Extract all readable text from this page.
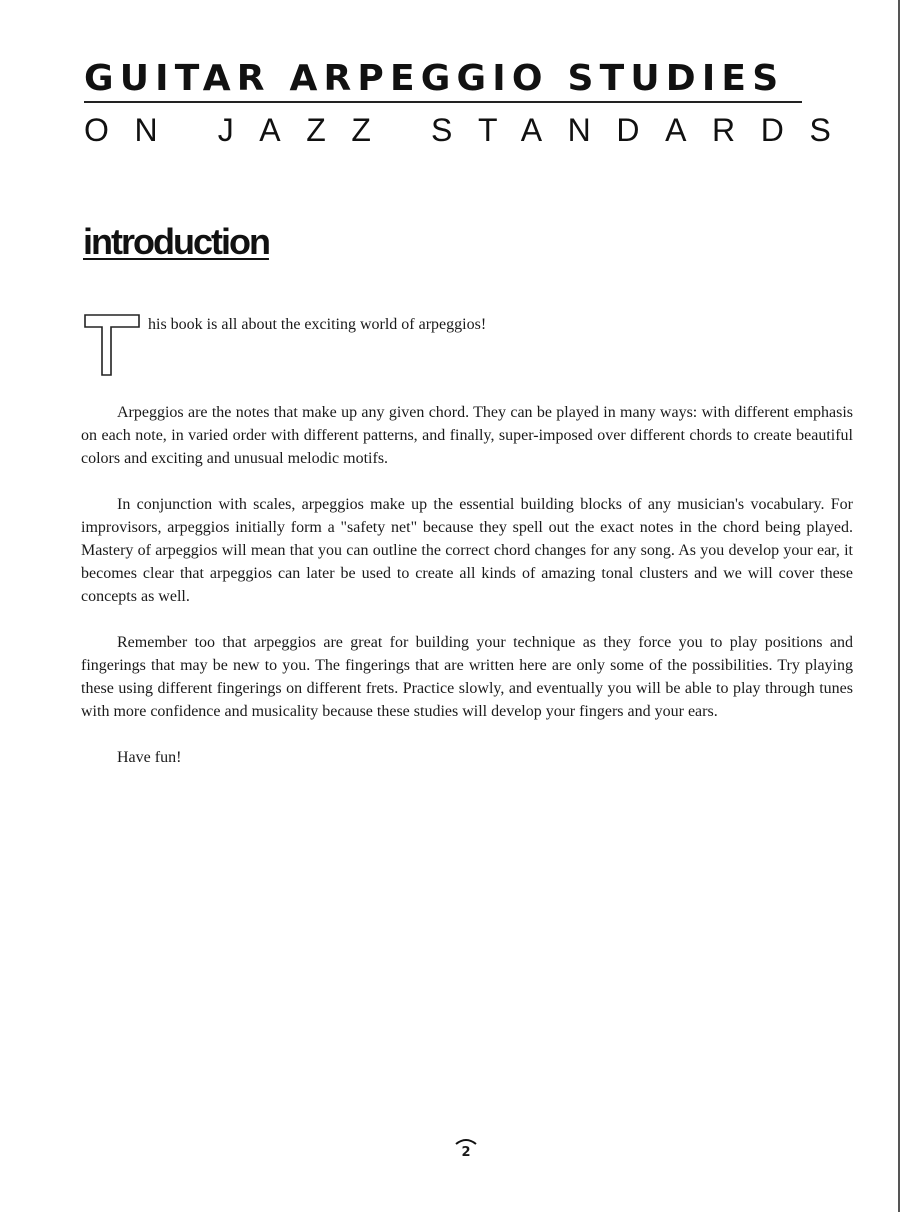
GUITAR ARPEGGIO STUDIES
ON JAZZ STANDARDS
introduction
his book is all about the exciting world of arpeggios!

Arpeggios are the notes that make up any given chord. They can be played in many ways: with different emphasis on each note, in varied order with different patterns, and finally, super-imposed over different chords to create beautiful colors and exciting and unusual melodic motifs.

In conjunction with scales, arpeggios make up the essential building blocks of any musician's vocabulary. For improvisors, arpeggios initially form a "safety net" because they spell out the exact notes in the chord being played. Mastery of arpeggios will mean that you can outline the correct chord changes for any song. As you develop your ear, it becomes clear that arpeggios can later be used to create all kinds of amazing tonal clusters and we will cover these concepts as well.

Remember too that arpeggios are great for building your technique as they force you to play positions and fingerings that may be new to you. The fingerings that are written here are only some of the possibilities. Try playing these using different fingerings on different frets. Practice slowly, and eventually you will be able to play through tunes with more confidence and musicality because these studies will develop your fingers and your ears.

Have fun!

2
